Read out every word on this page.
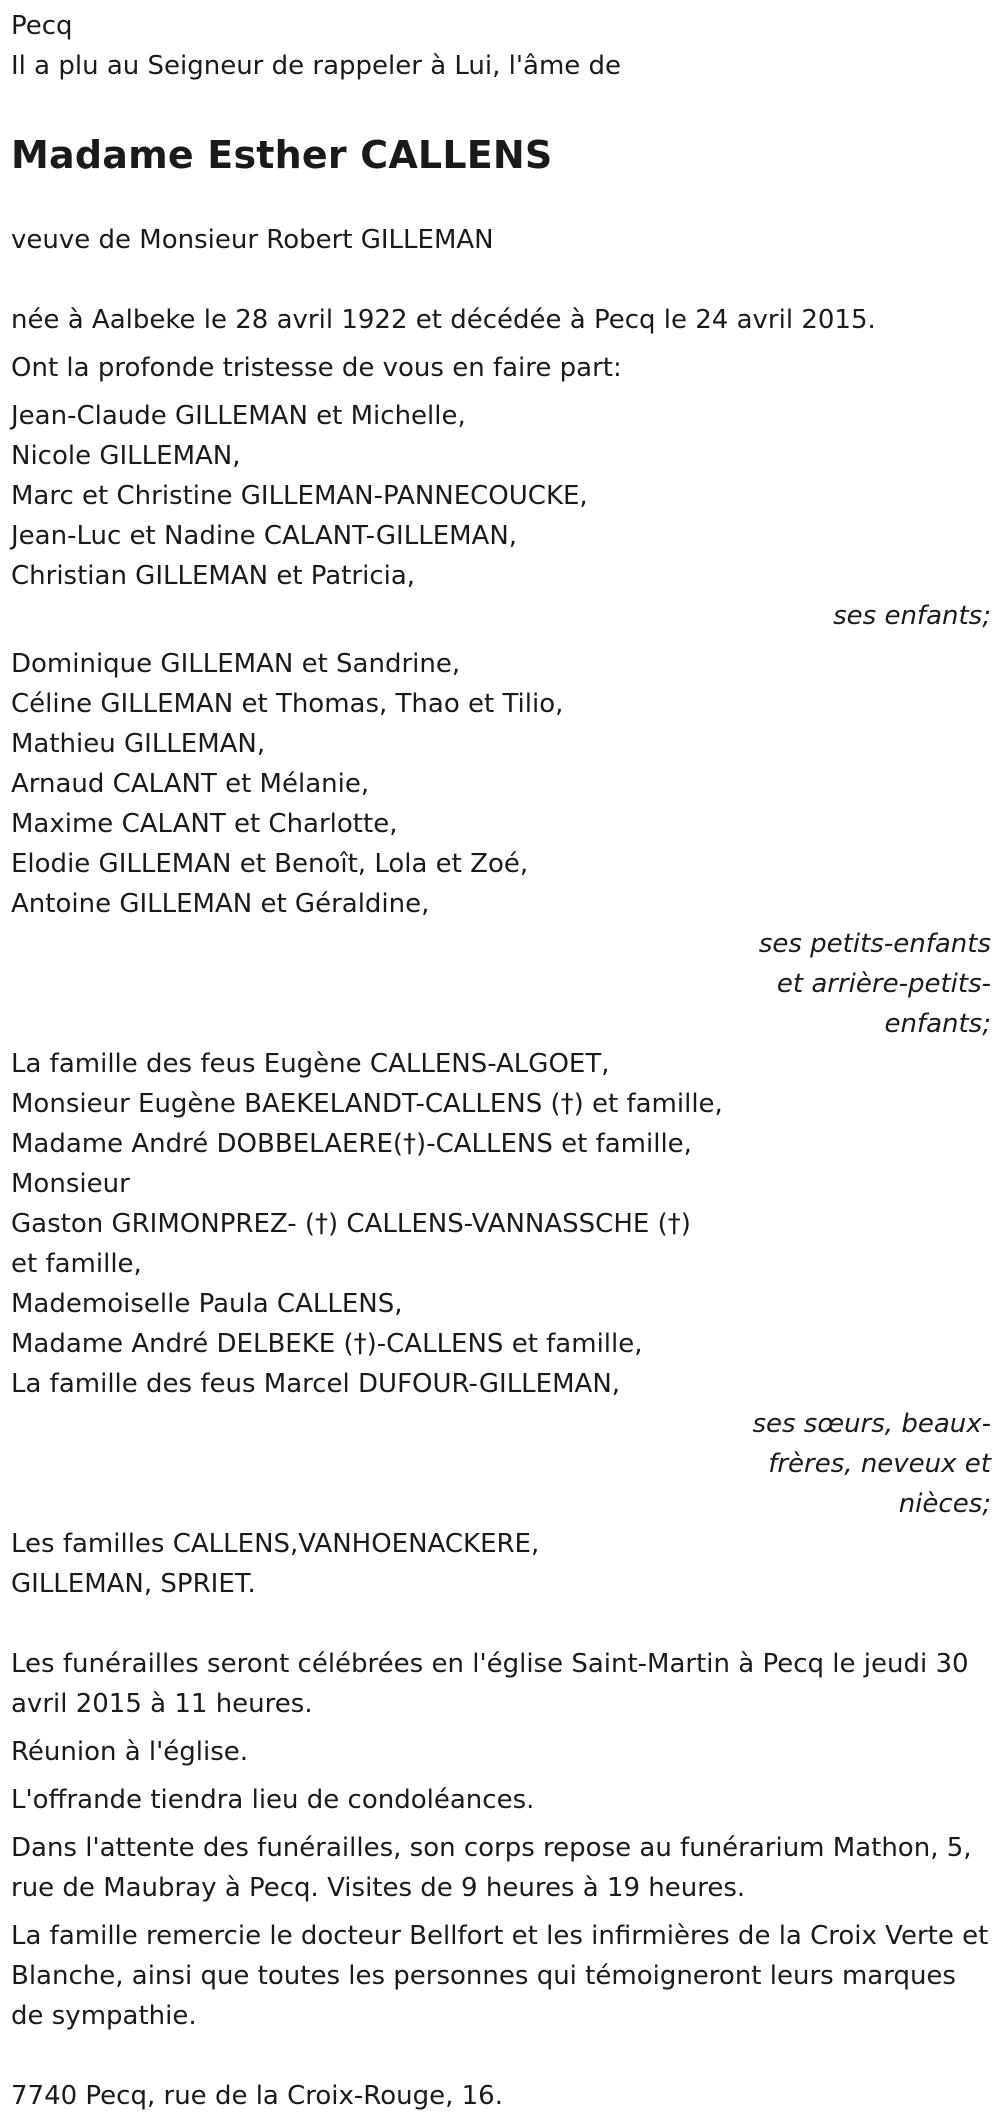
Pecq
Il a plu au Seigneur de rappeler à Lui, l'âme de
Madame Esther CALLENS
veuve de Monsieur Robert GILLEMAN
née à Aalbeke le 28 avril 1922 et décédée à Pecq le 24 avril 2015.
Ont la profonde tristesse de vous en faire part:
Jean-Claude GILLEMAN et Michelle,
Nicole GILLEMAN,
Marc et Christine GILLEMAN-PANNECOUCKE,
Jean-Luc et Nadine CALANT-GILLEMAN,
Christian GILLEMAN et Patricia,
ses enfants;
Dominique GILLEMAN et Sandrine,
Céline GILLEMAN et Thomas, Thao et Tilio,
Mathieu GILLEMAN,
Arnaud CALANT et Mélanie,
Maxime CALANT et Charlotte,
Elodie GILLEMAN et Benoît, Lola et Zoé,
Antoine GILLEMAN et Géraldine,
ses petits-enfants
et arrière-petits-
enfants;
La famille des feus Eugène CALLENS-ALGOET,
Monsieur Eugène BAEKELANDT-CALLENS (†) et famille,
Madame André DOBBELAERE(†)-CALLENS et famille,
Monsieur
Gaston GRIMONPREZ- (†) CALLENS-VANNASSCHE (†)
et famille,
Mademoiselle Paula CALLENS,
Madame André DELBEKE (†)-CALLENS et famille,
La famille des feus Marcel DUFOUR-GILLEMAN,
ses sœurs, beaux-
frères, neveux et
nièces;
Les familles CALLENS,VANHOENACKERE,
GILLEMAN, SPRIET.
Les funérailles seront célébrées en l'église Saint-Martin à Pecq le jeudi 30 avril 2015 à 11 heures.
Réunion à l'église.
L'offrande tiendra lieu de condoléances.
Dans l'attente des funérailles, son corps repose au funérarium Mathon, 5, rue de Maubray à Pecq. Visites de 9 heures à 19 heures.
La famille remercie le docteur Bellfort et les infirmières de la Croix Verte et Blanche, ainsi que toutes les personnes qui témoigneront leurs marques de sympathie.
7740 Pecq, rue de la Croix-Rouge, 16.
